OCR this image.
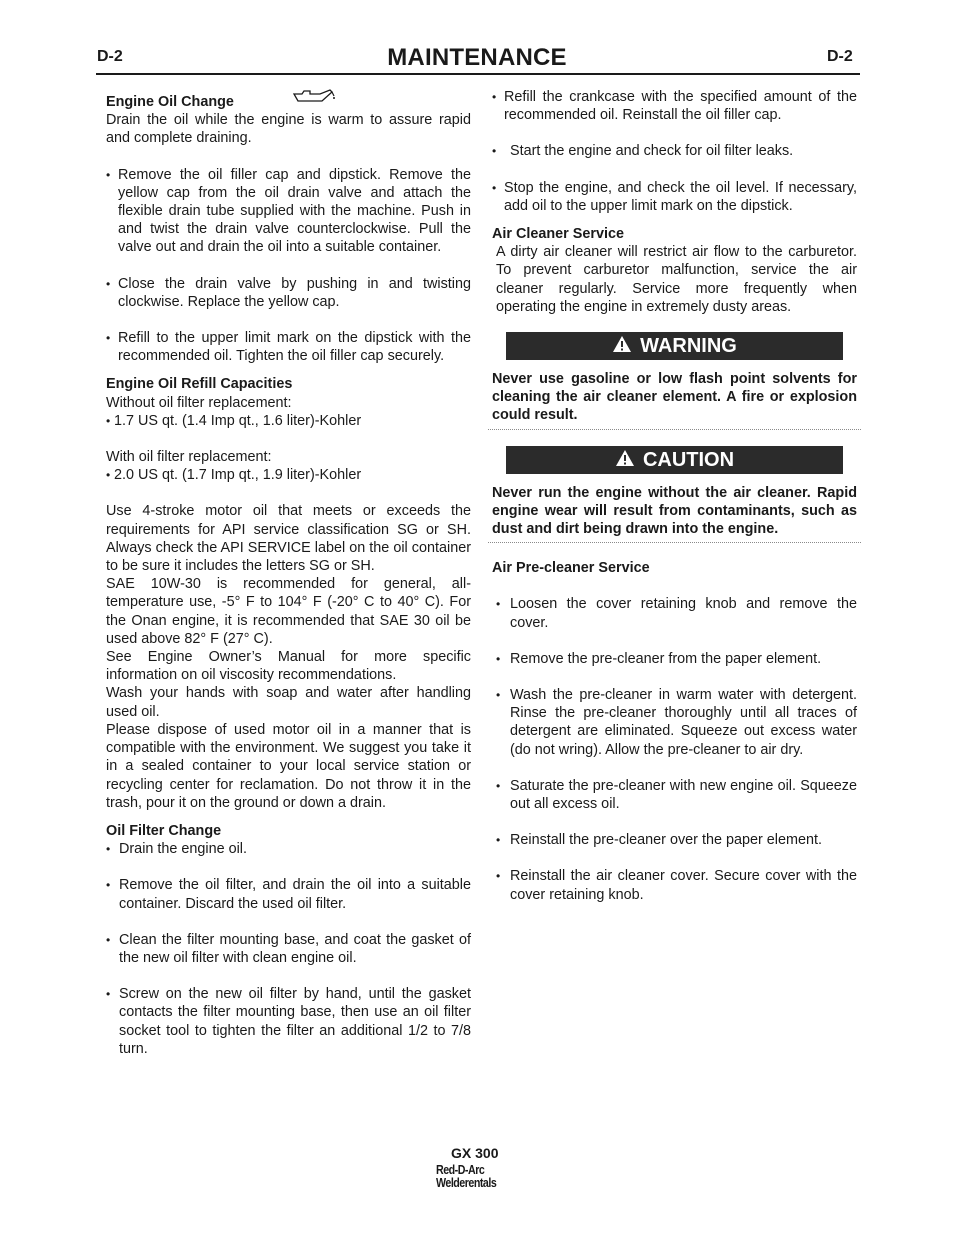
D-2	MAINTENANCE	D-2
Engine Oil Change

Drain the oil while the engine is warm to assure rapid and complete draining.

• Remove the oil filler cap and dipstick. Remove the yellow cap from the oil drain valve and attach the flexible drain tube supplied with the machine. Push in and twist the drain valve counterclockwise. Pull the valve out and drain the oil into a suitable container.
• Close the drain valve by pushing in and twisting clockwise. Replace the yellow cap.
• Refill to the upper limit mark on the dipstick with the recommended oil. Tighten the oil filler cap securely.

Engine Oil Refill Capacities

Without oil filter replacement:

• 1.7 US qt. (1.4 Imp qt., 1.6 liter)-Kohler

With oil filter replacement:

• 2.0 US qt. (1.7 Imp qt., 1.9 liter)-Kohler

Use 4-stroke motor oil that meets or exceeds the requirements for API service classification SG or SH. Always check the API SERVICE label on the oil container to be sure it includes the letters SG or SH.

SAE 10W-30 is recommended for general, all-temperature use, -5° F to 104° F (-20° C to 40° C). For the Onan engine, it is recommended that SAE 30 oil be used above 82° F (27° C).

See Engine Owner’s Manual for more specific information on oil viscosity recommendations.

Wash your hands with soap and water after handling used oil.

Please dispose of used motor oil in a manner that is compatible with the environment. We suggest you take it in a sealed container to your local service station or recycling center for reclamation. Do not throw it in the trash, pour it on the ground or down a drain.

Oil Filter Change

• Drain the engine oil.
• Remove the oil filter, and drain the oil into a suitable container. Discard the used oil filter.
• Clean the filter mounting base, and coat the gasket of the new oil filter with clean engine oil.
• Screw on the new oil filter by hand, until the gasket contacts the filter mounting base, then use an oil filter socket tool to tighten the filter an additional 1/2 to 7/8 turn.
• Refill the crankcase with the specified amount of the recommended oil. Reinstall the oil filler cap.
• Start the engine and check for oil filter leaks.
• Stop the engine, and check the oil level. If necessary, add oil to the upper limit mark on the dipstick.

Air Cleaner Service

A dirty air cleaner will restrict air flow to the carburetor. To prevent carburetor malfunction, service the air cleaner regularly. Service more frequently when operating the engine in extremely dusty areas.

WARNING

Never use gasoline or low flash point solvents for cleaning the air cleaner element. A fire or explosion could result.

CAUTION

Never run the engine without the air cleaner. Rapid engine wear will result from contaminants, such as dust and dirt being drawn into the engine.

Air Pre-cleaner Service

• Loosen the cover retaining knob and remove the cover.
• Remove the pre-cleaner from the paper element.
• Wash the pre-cleaner in warm water with detergent. Rinse the pre-cleaner thoroughly until all traces of detergent are eliminated. Squeeze out excess water (do not wring). Allow the pre-cleaner to air dry.
• Saturate the pre-cleaner with new engine oil. Squeeze out all excess oil.
• Reinstall the pre-cleaner over the paper element.
• Reinstall the air cleaner cover. Secure cover with the cover retaining knob.
GX 300
Red-D-Arc
Welderentals
